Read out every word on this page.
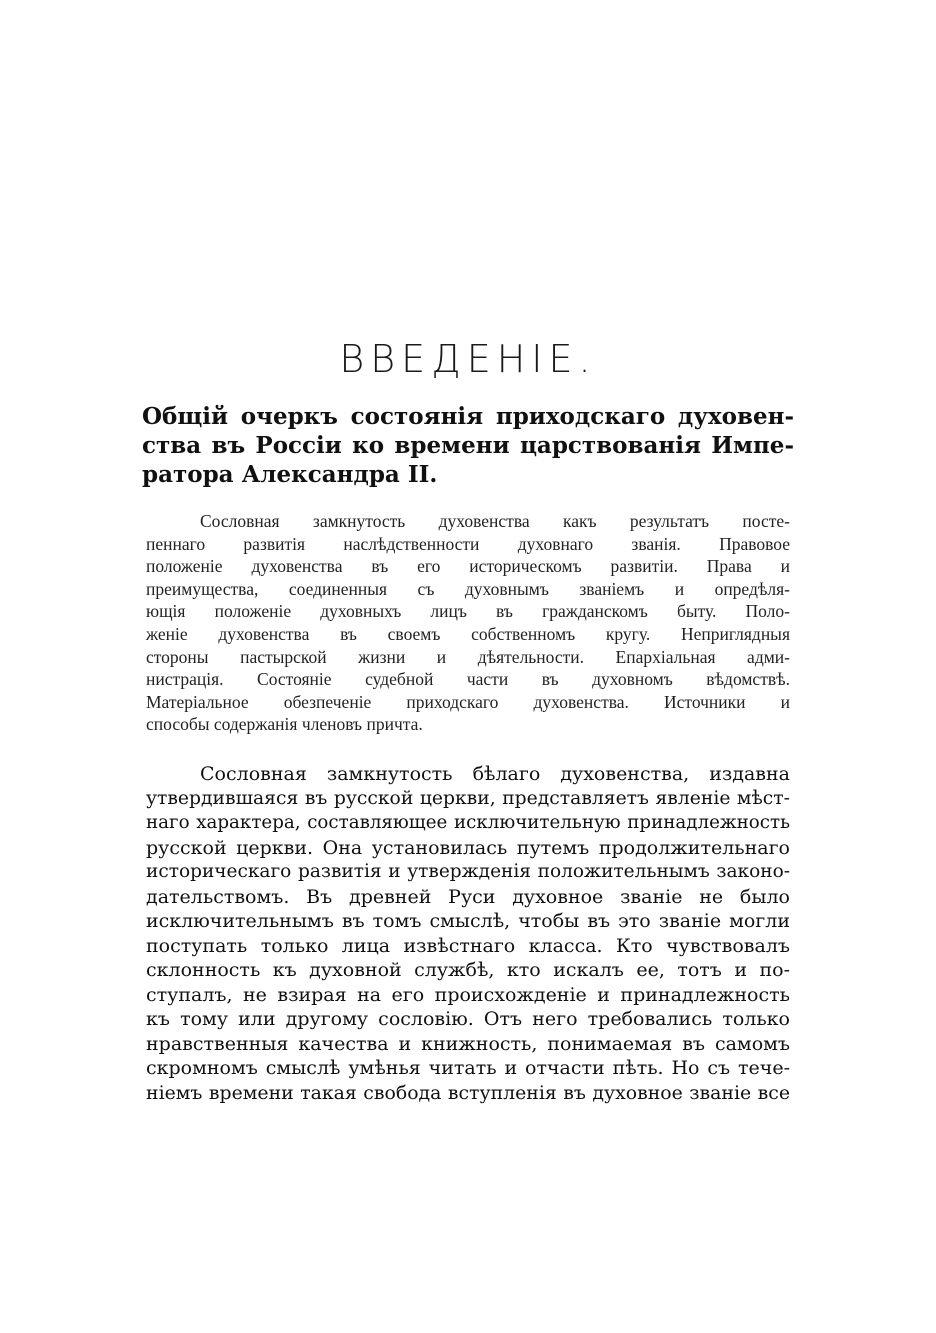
ВВЕДЕНІЕ.
Общій очеркъ состоянія приходскаго духовен-
ства въ Россіи ко времени царствованія Импе-
ратора Александра II.
Сословная замкнутость духовенства какъ результатъ посте-
пеннаго развитія наслѣдственности духовнаго званія. Правовое
положеніе духовенства въ его историческомъ развитіи. Права и
преимущества, соединенныя съ духовнымъ званіемъ и опредѣля-
ющія положеніе духовныхъ лицъ въ гражданскомъ быту. Поло-
женіе духовенства въ своемъ собственномъ кругу. Неприглядныя
стороны пастырской жизни и дѣятельности. Епархіальная адми-
нистрація. Состояніе судебной части въ духовномъ вѣдомствѣ.
Матеріальное обезпеченіе приходскаго духовенства. Источники и
способы содержанія членовъ причта.
Сословная замкнутость бѣлаго духовенства, издавна
утвердившаяся въ русской церкви, представляетъ явленіе мѣст-
наго характера, составляющее исключительную принадлежность
русской церкви. Она установилась путемъ продолжительнаго
историческаго развитія и утвержденія положительнымъ законо-
дательствомъ. Въ древней Руси духовное званіе не было
исключительнымъ въ томъ смыслѣ, чтобы въ это званіе могли
поступать только лица извѣстнаго класса. Кто чувствовалъ
склонность къ духовной службѣ, кто искалъ ее, тотъ и по-
ступалъ, не взирая на его происхожденіе и принадлежность
къ тому или другому сословію. Отъ него требовались только
нравственныя качества и книжность, понимаемая въ самомъ
скромномъ смыслѣ умѣнья читать и отчасти пѣть. Но съ тече-
ніемъ времени такая свобода вступленія въ духовное званіе все
